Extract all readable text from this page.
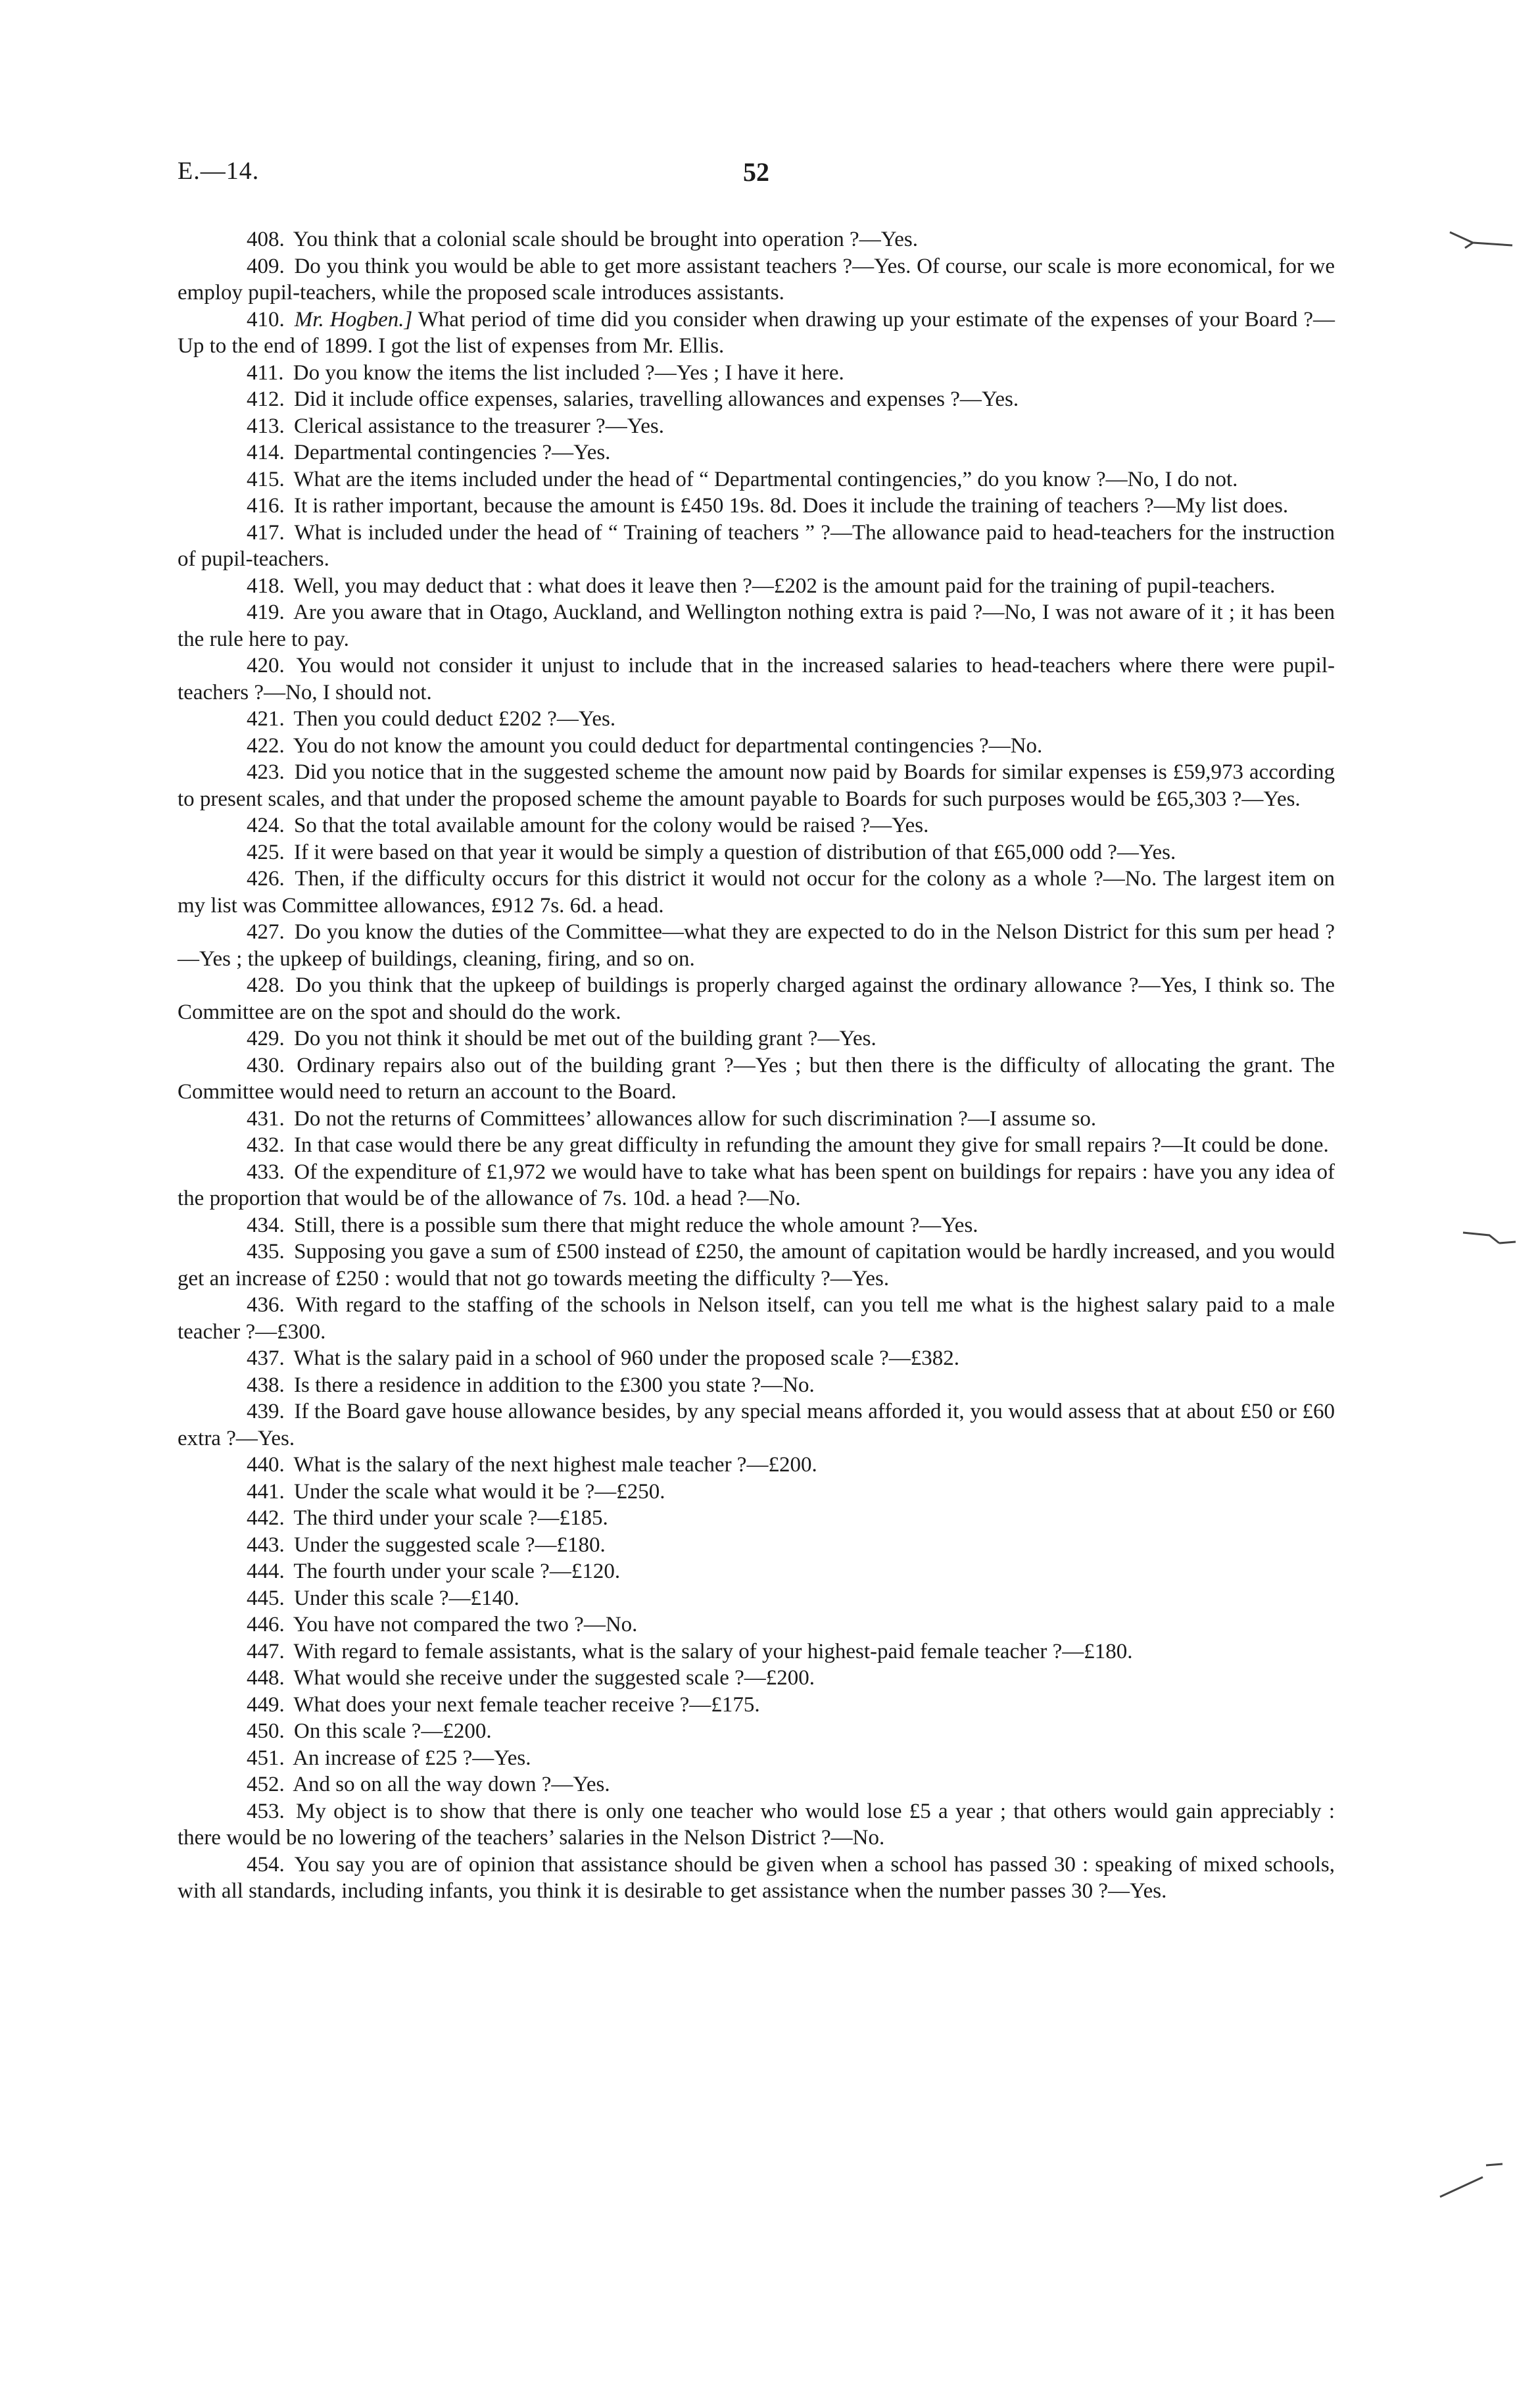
E.—14.	52

408. You think that a colonial scale should be brought into operation ?—Yes.

409. Do you think you would be able to get more assistant teachers ?—Yes. Of course, our scale is more economical, for we employ pupil-teachers, while the proposed scale introduces assistants.

410. Mr. Hogben.] What period of time did you consider when drawing up your estimate of the expenses of your Board ?—Up to the end of 1899. I got the list of expenses from Mr. Ellis.

411. Do you know the items the list included ?—Yes ; I have it here.

412. Did it include office expenses, salaries, travelling allowances and expenses ?—Yes.

413. Clerical assistance to the treasurer ?—Yes.

414. Departmental contingencies ?—Yes.

415. What are the items included under the head of “ Departmental contingencies,” do you know ?—No, I do not.

416. It is rather important, because the amount is £450 19s. 8d. Does it include the training of teachers ?—My list does.

417. What is included under the head of “ Training of teachers ” ?—The allowance paid to head-teachers for the instruction of pupil-teachers.

418. Well, you may deduct that : what does it leave then ?—£202 is the amount paid for the training of pupil-teachers.

419. Are you aware that in Otago, Auckland, and Wellington nothing extra is paid ?—No, I was not aware of it ; it has been the rule here to pay.

420. You would not consider it unjust to include that in the increased salaries to head-teachers where there were pupil-teachers ?—No, I should not.

421. Then you could deduct £202 ?—Yes.

422. You do not know the amount you could deduct for departmental contingencies ?—No.

423. Did you notice that in the suggested scheme the amount now paid by Boards for similar expenses is £59,973 according to present scales, and that under the proposed scheme the amount payable to Boards for such purposes would be £65,303 ?—Yes.

424. So that the total available amount for the colony would be raised ?—Yes.

425. If it were based on that year it would be simply a question of distribution of that £65,000 odd ?—Yes.

426. Then, if the difficulty occurs for this district it would not occur for the colony as a whole ?—No. The largest item on my list was Committee allowances, £912 7s. 6d. a head.

427. Do you know the duties of the Committee—what they are expected to do in the Nelson District for this sum per head ?—Yes ; the upkeep of buildings, cleaning, firing, and so on.

428. Do you think that the upkeep of buildings is properly charged against the ordinary allowance ?—Yes, I think so. The Committee are on the spot and should do the work.

429. Do you not think it should be met out of the building grant ?—Yes.

430. Ordinary repairs also out of the building grant ?—Yes ; but then there is the difficulty of allocating the grant. The Committee would need to return an account to the Board.

431. Do not the returns of Committees’ allowances allow for such discrimination ?—I assume so.

432. In that case would there be any great difficulty in refunding the amount they give for small repairs ?—It could be done.

433. Of the expenditure of £1,972 we would have to take what has been spent on buildings for repairs : have you any idea of the proportion that would be of the allowance of 7s. 10d. a head ?—No.

434. Still, there is a possible sum there that might reduce the whole amount ?—Yes.

435. Supposing you gave a sum of £500 instead of £250, the amount of capitation would be hardly increased, and you would get an increase of £250 : would that not go towards meeting the difficulty ?—Yes.

436. With regard to the staffing of the schools in Nelson itself, can you tell me what is the highest salary paid to a male teacher ?—£300.

437. What is the salary paid in a school of 960 under the proposed scale ?—£382.

438. Is there a residence in addition to the £300 you state ?—No.

439. If the Board gave house allowance besides, by any special means afforded it, you would assess that at about £50 or £60 extra ?—Yes.

440. What is the salary of the next highest male teacher ?—£200.

441. Under the scale what would it be ?—£250.

442. The third under your scale ?—£185.

443. Under the suggested scale ?—£180.

444. The fourth under your scale ?—£120.

445. Under this scale ?—£140.

446. You have not compared the two ?—No.

447. With regard to female assistants, what is the salary of your highest-paid female teacher ?—£180.

448. What would she receive under the suggested scale ?—£200.

449. What does your next female teacher receive ?—£175.

450. On this scale ?—£200.

451. An increase of £25 ?—Yes.

452. And so on all the way down ?—Yes.

453. My object is to show that there is only one teacher who would lose £5 a year ; that others would gain appreciably : there would be no lowering of the teachers’ salaries in the Nelson District ?—No.

454. You say you are of opinion that assistance should be given when a school has passed 30 : speaking of mixed schools, with all standards, including infants, you think it is desirable to get assistance when the number passes 30 ?—Yes.
